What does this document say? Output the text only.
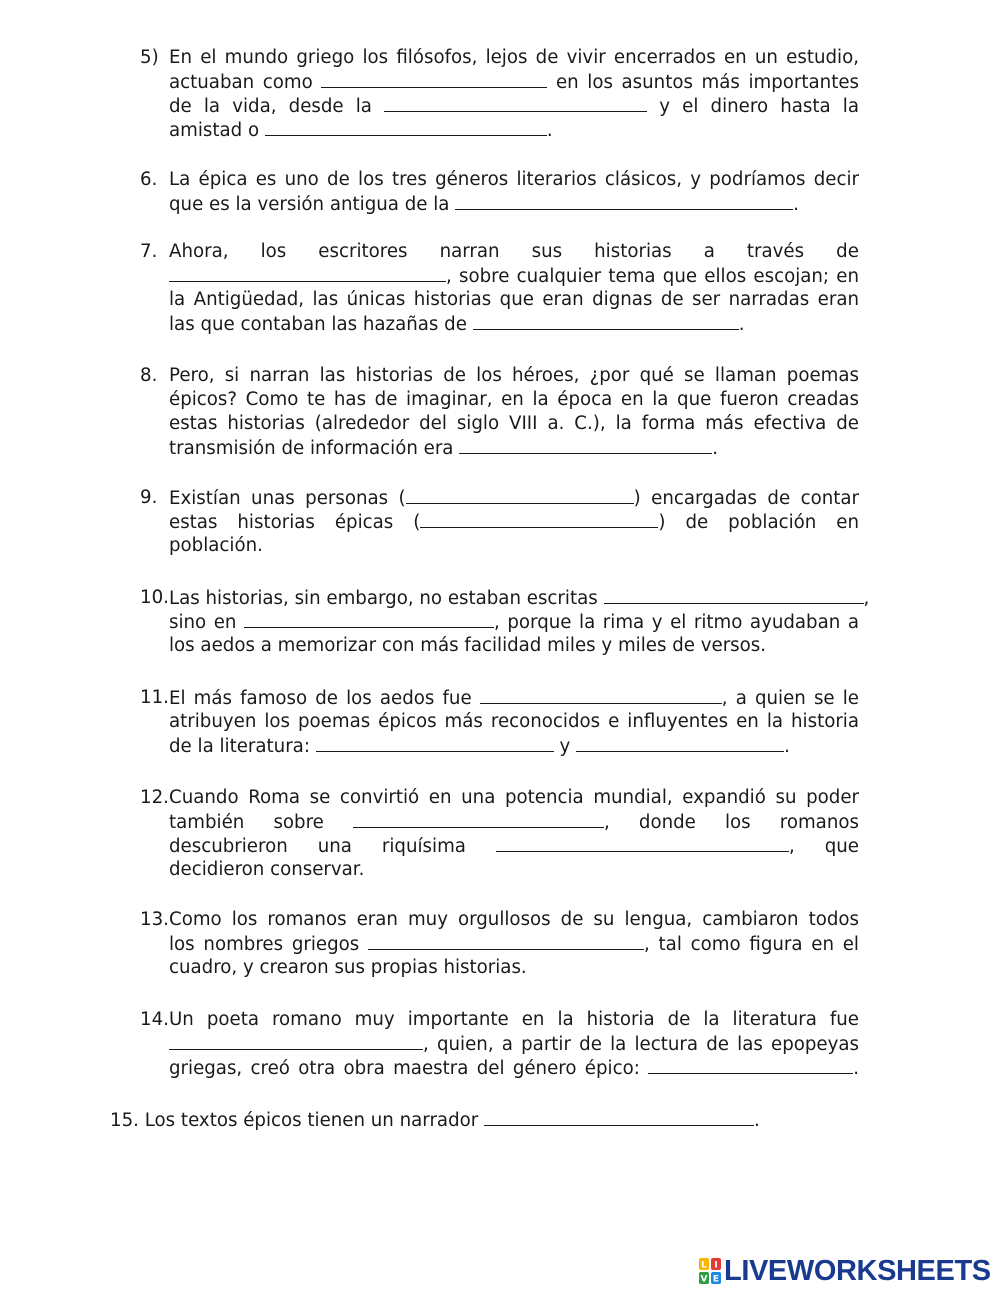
5) En el mundo griego los filósofos, lejos de vivir encerrados en un estudio,
actuaban como	en los asuntos más importantes
de la vida, desde la	y el dinero hasta la
amistad o	.
6. La épica es uno de los tres géneros literarios clásicos, y podríamos decir
que es la versión antigua de la	.
7. Ahora, los escritores narran sus historias a través de
, sobre cualquier tema que ellos escojan; en
la Antigüedad, las únicas historias que eran dignas de ser narradas eran
las que contaban las hazañas de	.
8. Pero, si narran las historias de los héroes, ¿por qué se llaman poemas
épicos? Como te has de imaginar, en la época en la que fueron creadas
estas historias (alrededor del siglo VIII a. C.), la forma más efectiva de
transmisión de información era	.
9. Existían unas personas (	) encargadas de contar
estas historias épicas (	) de población en
población.
10. Las historias, sin embargo, no estaban escritas	,
sino en	, porque la rima y el ritmo ayudaban a
los aedos a memorizar con más facilidad miles y miles de versos.
11. El más famoso de los aedos fue	, a quien se le
atribuyen los poemas épicos más reconocidos e influyentes en la historia
de la literatura:	y	.
12. Cuando Roma se convirtió en una potencia mundial, expandió su poder
también sobre	, donde los romanos
descubrieron una riquísima	, que
decidieron conservar.
13. Como los romanos eran muy orgullosos de su lengua, cambiaron todos
los nombres griegos	, tal como figura en el
cuadro, y crearon sus propias historias.
14. Un poeta romano muy importante en la historia de la literatura fue
, quien, a partir de la lectura de las epopeyas
griegas, creó otra obra maestra del género épico:	.
15. Los textos épicos tienen un narrador	.
L I
V E LIVEWORKSHEETS
